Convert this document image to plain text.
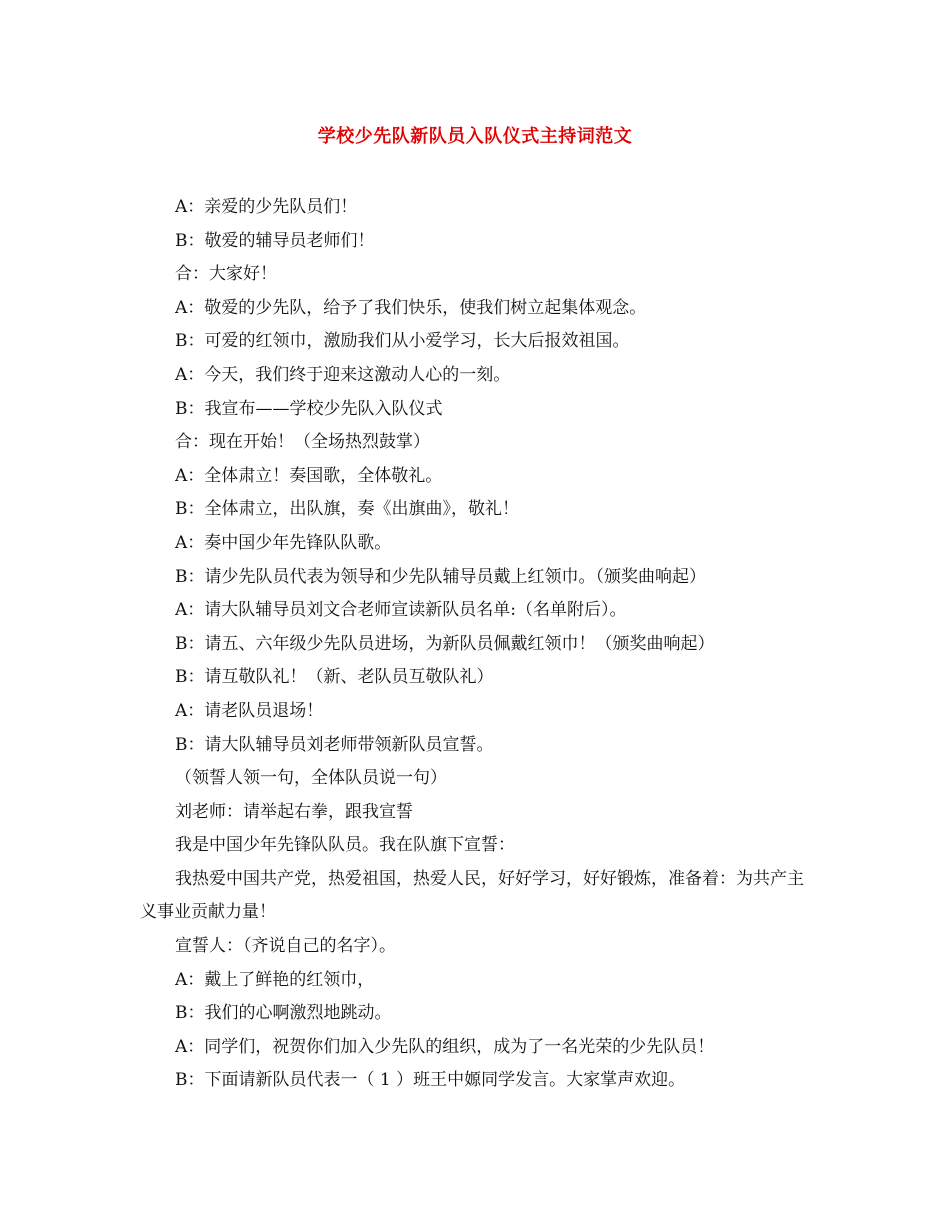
学校少先队新队员入队仪式主持词范文

A：亲爱的少先队员们！

B：敬爱的辅导员老师们！

合：大家好！

A：敬爱的少先队，给予了我们快乐，使我们树立起集体观念。

B：可爱的红领巾，激励我们从小爱学习，长大后报效祖国。

A：今天，我们终于迎来这激动人心的一刻。

B：我宣布——学校少先队入队仪式

合：现在开始！（全场热烈鼓掌）

A：全体肃立！奏国歌，全体敬礼。

B：全体肃立，出队旗，奏《出旗曲》，敬礼！

A：奏中国少年先锋队队歌。

B：请少先队员代表为领导和少先队辅导员戴上红领巾。（颁奖曲响起）

A：请大队辅导员刘文合老师宣读新队员名单:（名单附后）。

B：请五、六年级少先队员进场，为新队员佩戴红领巾！（颁奖曲响起）

B：请互敬队礼！（新、老队员互敬队礼）

A：请老队员退场！

B：请大队辅导员刘老师带领新队员宣誓。

（领誓人领一句，全体队员说一句）

刘老师：请举起右拳，跟我宣誓

我是中国少年先锋队队员。我在队旗下宣誓：

我热爱中国共产党，热爱祖国，热爱人民，好好学习，好好锻炼，准备着：为共产主义事业贡献力量！

宣誓人：（齐说自己的名字）。

A：戴上了鲜艳的红领巾，

B：我们的心啊激烈地跳动。

A：同学们，祝贺你们加入少先队的组织，成为了一名光荣的少先队员！

B：下面请新队员代表一（ 1 ）班王中嫄同学发言。大家掌声欢迎。
